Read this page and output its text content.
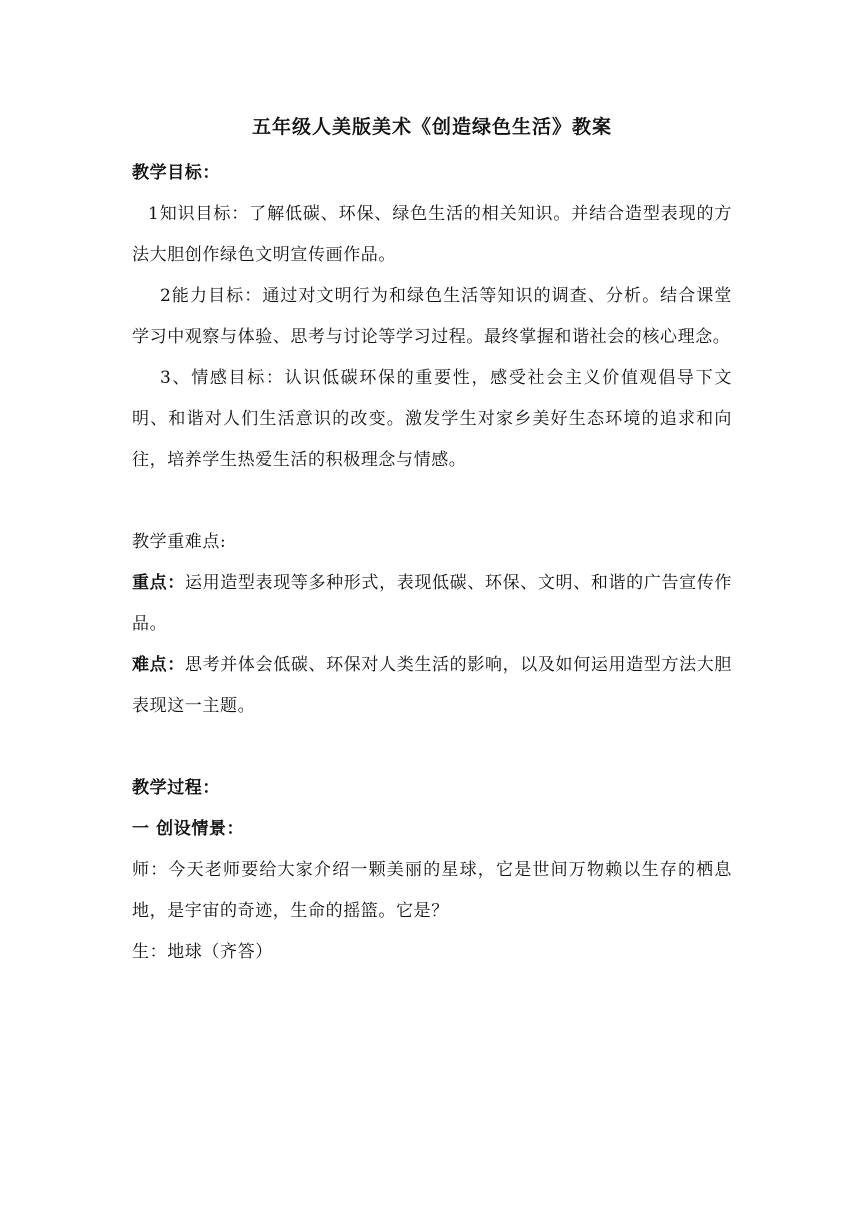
五年级人美版美术《创造绿色生活》教案

教学目标：

1知识目标：了解低碳、环保、绿色生活的相关知识。并结合造型表现的方法大胆创作绿色文明宣传画作品。

2能力目标：通过对文明行为和绿色生活等知识的调查、分析。结合课堂学习中观察与体验、思考与讨论等学习过程。最终掌握和谐社会的核心理念。

3、情感目标：认识低碳环保的重要性，感受社会主义价值观倡导下文明、和谐对人们生活意识的改变。激发学生对家乡美好生态环境的追求和向往，培养学生热爱生活的积极理念与情感。

教学重难点:

重点：运用造型表现等多种形式，表现低碳、环保、文明、和谐的广告宣传作品。

难点：思考并体会低碳、环保对人类生活的影响，以及如何运用造型方法大胆表现这一主题。

教学过程：

一 创设情景：

师：今天老师要给大家介绍一颗美丽的星球，它是世间万物赖以生存的栖息地，是宇宙的奇迹，生命的摇篮。它是？

生：地球（齐答）
